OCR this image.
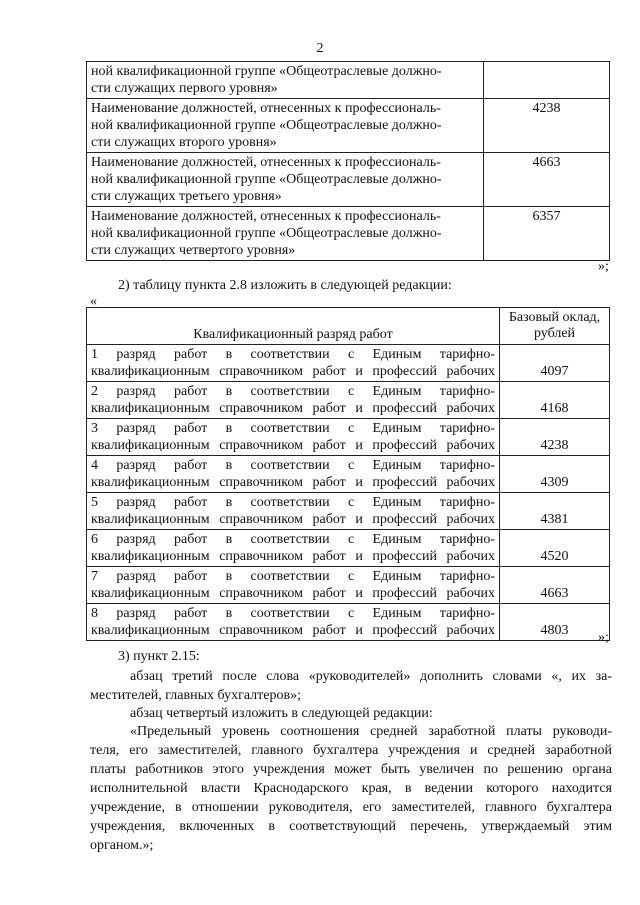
2
ной квалификационной группе «Общеотраслевые должно-
сти служащих первого уровня»	

Наименование должностей, отнесенных к профессиональ-
ной квалификационной группе «Общеотраслевые должно-
сти служащих второго уровня»	4238

Наименование должностей, отнесенных к профессиональ-
ной квалификационной группе «Общеотраслевые должно-
сти служащих третьего уровня»	4663

Наименование должностей, отнесенных к профессиональ-
ной квалификационной группе «Общеотраслевые должно-
сти служащих четвертого уровня»	6357
»;
2) таблицу пункта 2.8 изложить в следующей редакции:
«
Квалификационный разряд работ	Базовый оклад,
рублей

1 разряд работ в соответствии с Единым тарифно-
квалификационным справочником работ и профессий рабочих	4097

2 разряд работ в соответствии с Единым тарифно-
квалификационным справочником работ и профессий рабочих	4168

3 разряд работ в соответствии с Единым тарифно-
квалификационным справочником работ и профессий рабочих	4238

4 разряд работ в соответствии с Единым тарифно-
квалификационным справочником работ и профессий рабочих	4309

5 разряд работ в соответствии с Единым тарифно-
квалификационным справочником работ и профессий рабочих	4381

6 разряд работ в соответствии с Единым тарифно-
квалификационным справочником работ и профессий рабочих	4520

7 разряд работ в соответствии с Единым тарифно-
квалификационным справочником работ и профессий рабочих	4663

8 разряд работ в соответствии с Единым тарифно-
квалификационным справочником работ и профессий рабочих	4803 »;
3) пункт 2.15:
абзац третий после слова «руководителей» дополнить словами «, их за-
местителей, главных бухгалтеров»;
абзац четвертый изложить в следующей редакции:
«Предельный уровень соотношения средней заработной платы руководи-
теля, его заместителей, главного бухгалтера учреждения и средней заработной
платы работников этого учреждения может быть увеличен по решению органа
исполнительной власти Краснодарского края, в ведении которого находится
учреждение, в отношении руководителя, его заместителей, главного бухгалтера
учреждения, включенных в соответствующий перечень, утверждаемый этим
органом.»;
